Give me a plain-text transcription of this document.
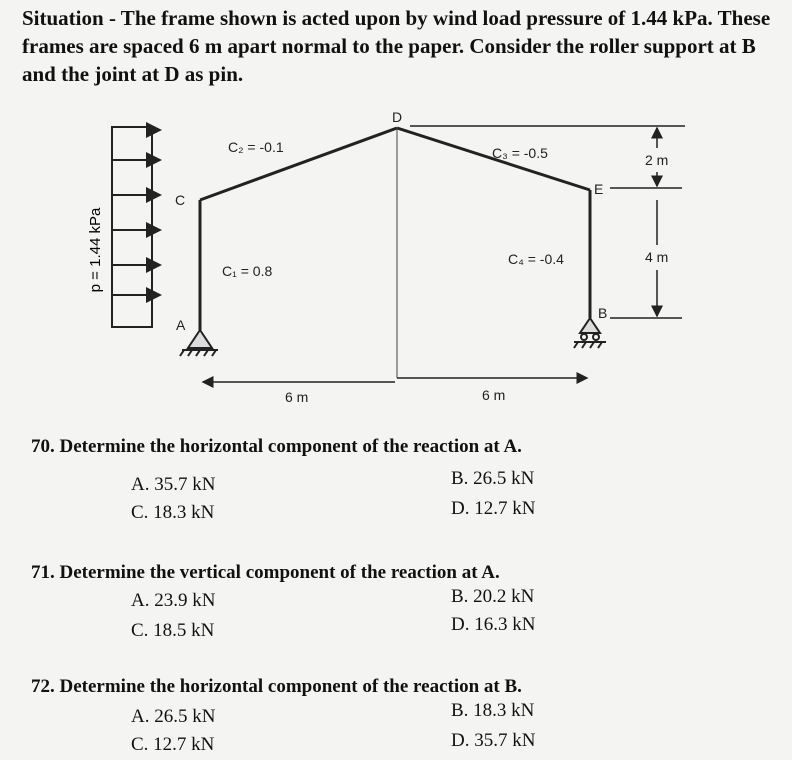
Situation - The frame shown is acted upon by wind load pressure of 1.44 kPa. These frames are spaced 6 m apart normal to the paper. Consider the roller support at B and the joint at D as pin.
p = 1.44 kPa
A
C
D
E
B
C₂ = -0.1	C₃ = -0.5
C₁ = 0.8
C₄ = -0.4
2 m
4 m
6 m	6 m
70. Determine the horizontal component of the reaction at A.
A. 35.7 kN	B. 26.5 kN
C. 18.3 kN	D. 12.7 kN
71. Determine the vertical component of the reaction at A.
A. 23.9 kN	B. 20.2 kN
C. 18.5 kN	D. 16.3 kN
72. Determine the horizontal component of the reaction at B.
A. 26.5 kN	B. 18.3 kN
C. 12.7 kN	D. 35.7 kN
